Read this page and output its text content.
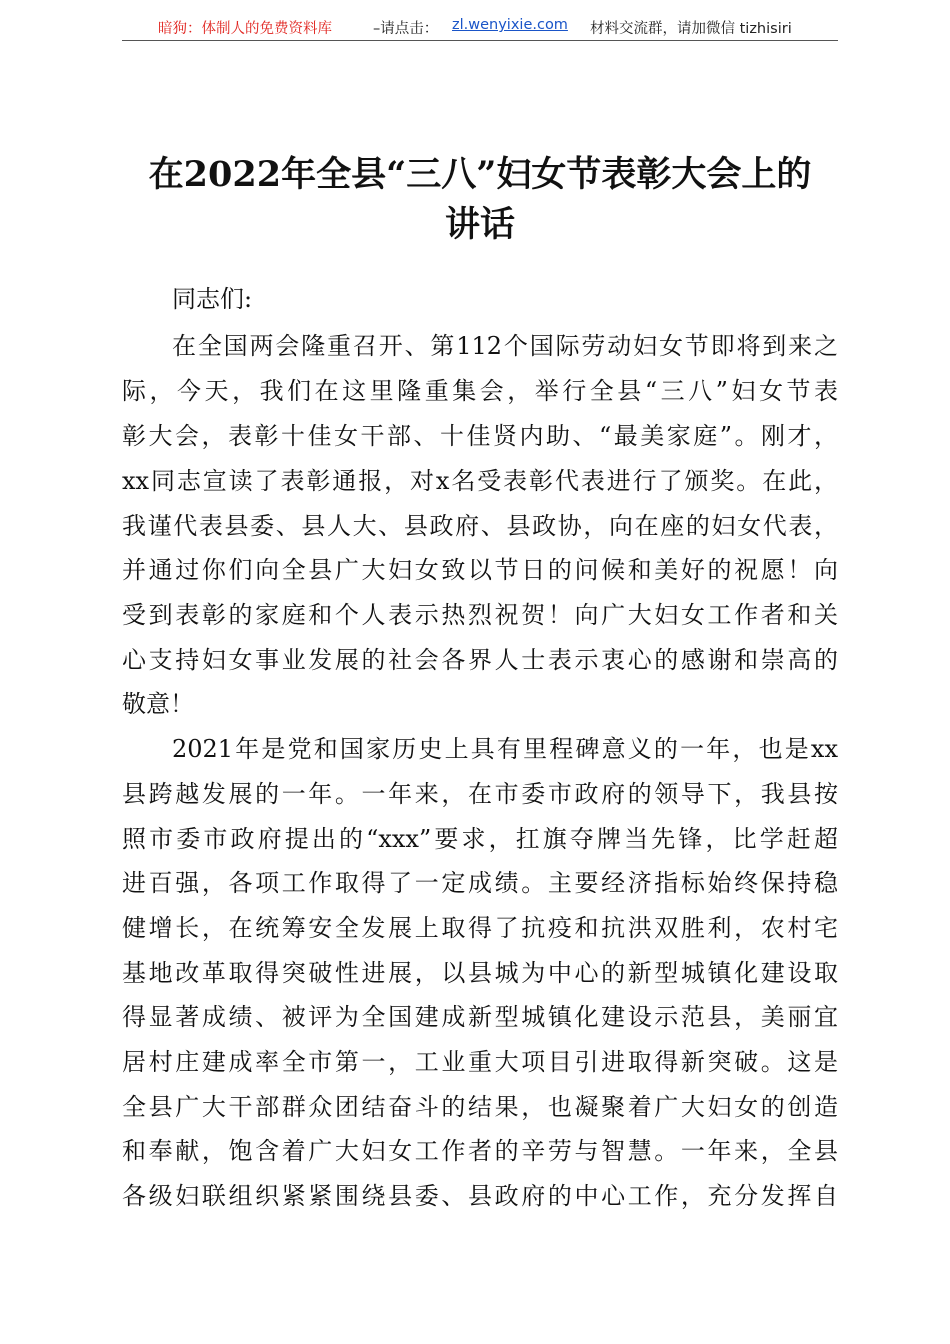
暗狗：体制人的免费资料库	–请点击： zl.wenyixie.com 材料交流群，请加微信 tizhisiri
在2022年全县“三八”妇女节表彰大会上的
讲话
同志们:
在全国两会隆重召开、第112个国际劳动妇女节即将到来之
际，今天，我们在这里隆重集会，举行全县“三八”妇女节表
彰大会，表彰十佳女干部、十佳贤内助、“最美家庭”。刚才，
xx同志宣读了表彰通报，对x名受表彰代表进行了颁奖。在此，
我谨代表县委、县人大、县政府、县政协，向在座的妇女代表，
并通过你们向全县广大妇女致以节日的问候和美好的祝愿！向
受到表彰的家庭和个人表示热烈祝贺！向广大妇女工作者和关
心支持妇女事业发展的社会各界人士表示衷心的感谢和崇高的
敬意！
2021年是党和国家历史上具有里程碑意义的一年，也是xx
县跨越发展的一年。一年来，在市委市政府的领导下，我县按
照市委市政府提出的“xxx”要求，扛旗夺牌当先锋，比学赶超
进百强，各项工作取得了一定成绩。主要经济指标始终保持稳
健增长，在统筹安全发展上取得了抗疫和抗洪双胜利，农村宅
基地改革取得突破性进展，以县城为中心的新型城镇化建设取
得显著成绩、被评为全国建成新型城镇化建设示范县，美丽宜
居村庄建成率全市第一，工业重大项目引进取得新突破。这是
全县广大干部群众团结奋斗的结果，也凝聚着广大妇女的创造
和奉献，饱含着广大妇女工作者的辛劳与智慧。一年来，全县
各级妇联组织紧紧围绕县委、县政府的中心工作，充分发挥自
